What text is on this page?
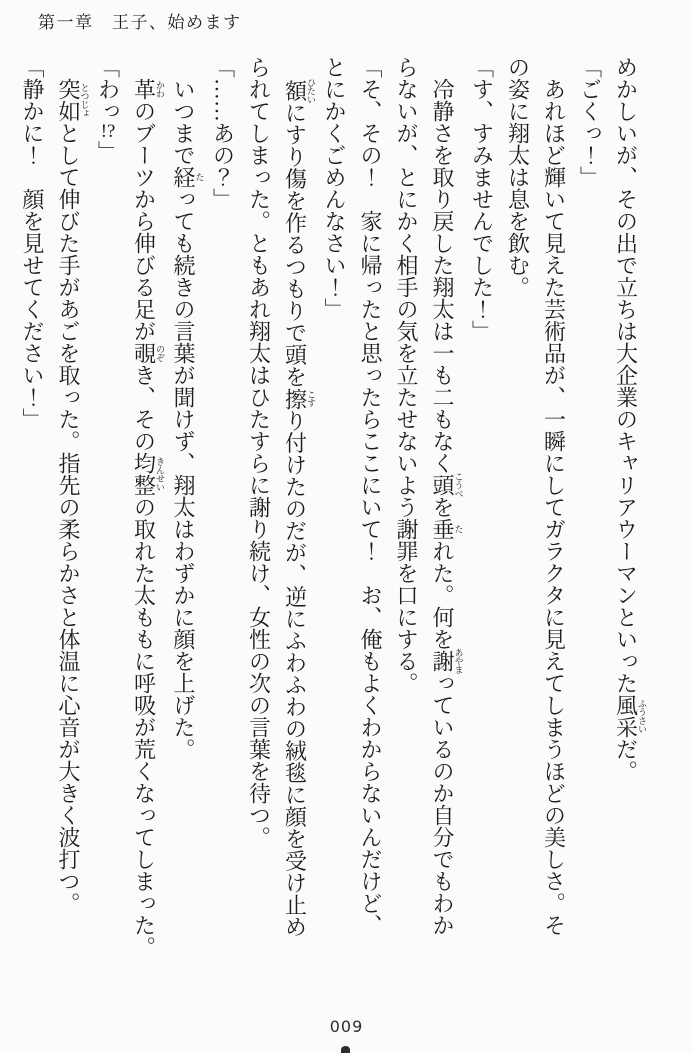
第一章　王子、始めます
めかしいが、その出で立ちは大企業のキャリアウーマンといった風采ふうさいだ。
「ごくっ！」
あれほど輝いて見えた芸術品が、一瞬にしてガラクタに見えてしまうほどの美しさ。そ
の姿に翔太は息を飲む。
「す、すみませんでした！」
冷静さを取り戻した翔太は一も二もなく頭こうべを垂たれた。何を謝あやまっているのか自分でもわか
らないが、とにかく相手の気を立たせないよう謝罪を口にする。
「そ、その！　家に帰ったと思ったらここにいて！　お、俺もよくわからないんだけど、
とにかくごめんなさい！」
額ひたいにすり傷を作るつもりで頭を擦こすり付けたのだが、逆にふわふわの絨毯に顔を受け止め
られてしまった。ともあれ翔太はひたすらに謝り続け、女性の次の言葉を待つ。
「……あの？」
いつまで経たっても続きの言葉が聞けず、翔太はわずかに顔を上げた。
革かわのブーツから伸びる足が覗のぞき、その均整きんせいの取れた太ももに呼吸が荒くなってしまった。
「わっ!?」
突如とつじょとして伸びた手があごを取った。指先の柔らかさと体温に心音が大きく波打つ。
「静かに！　顔を見せてください！」
009
